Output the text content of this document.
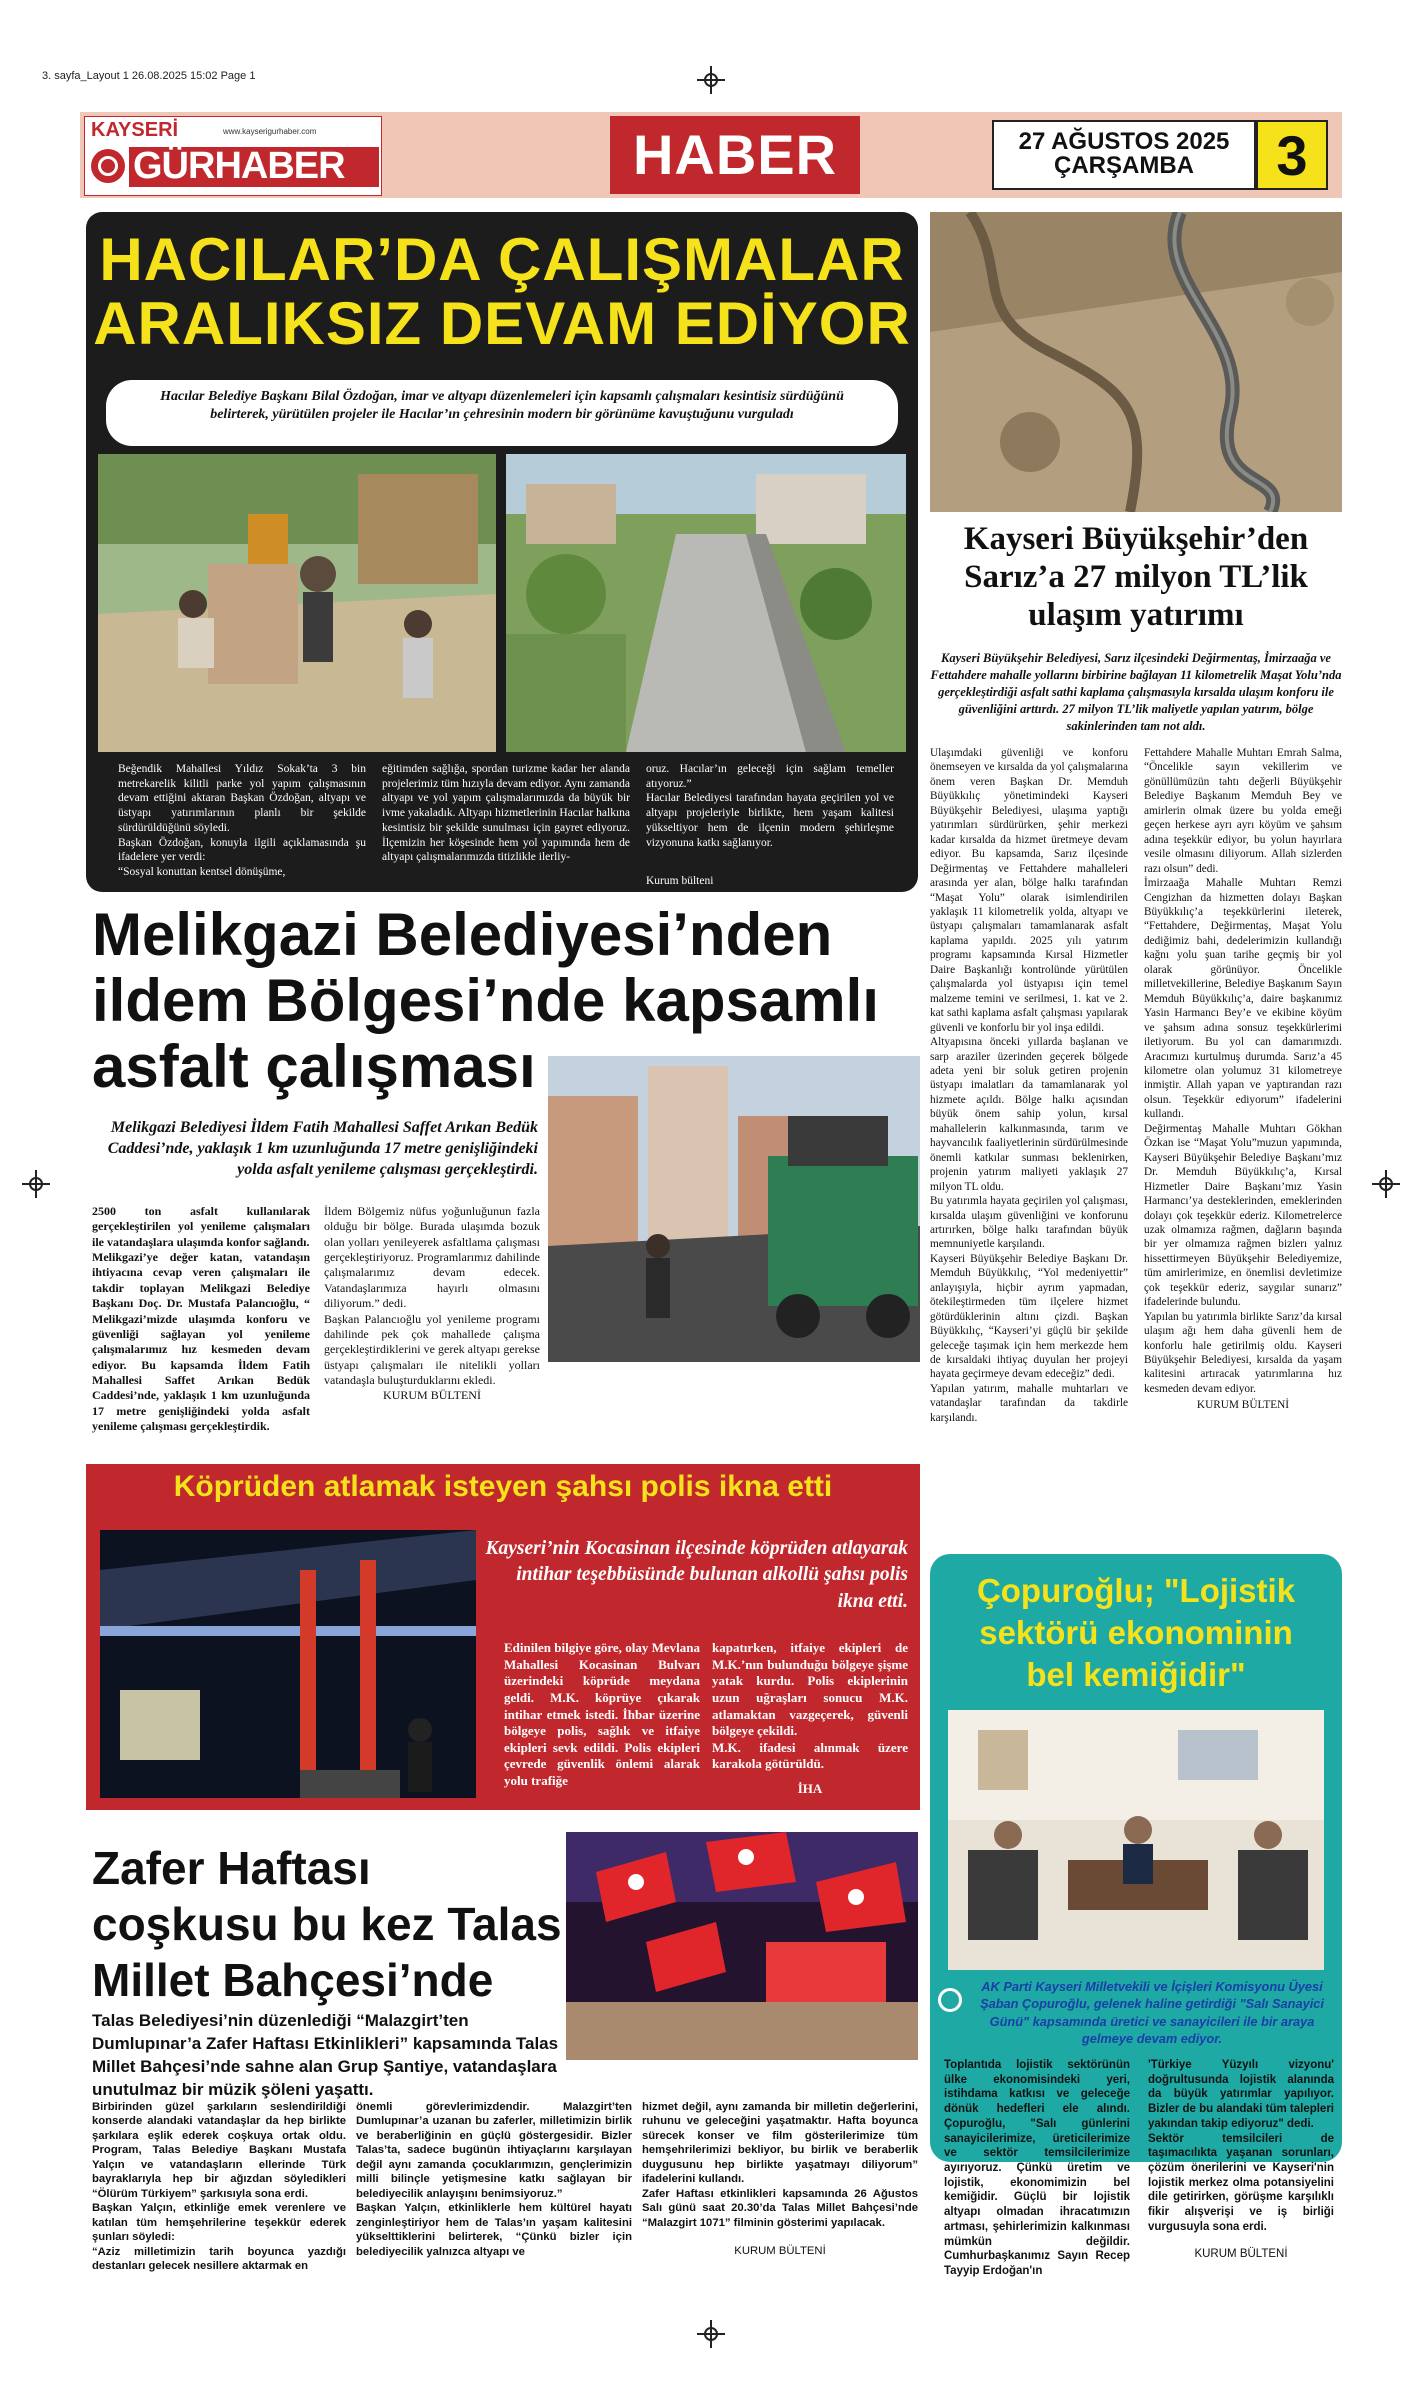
3. sayfa_Layout 1 26.08.2025 15:02 Page 1
KAYSERİ	www.kayserigurhaber.com
GÜRHABER	HABER	27 AĞUSTOS 2025
ÇARŞAMBA	3
HACILAR’DA ÇALIŞMALAR
ARALIKSIZ DEVAM EDİYOR
Hacılar Belediye Başkanı Bilal Özdoğan, imar ve altyapı düzenlemeleri için kapsamlı çalışmaları kesintisiz sürdüğünü belirterek, yürütülen projeler ile Hacılar’ın çehresinin modern bir görünüme kavuştuğunu vurguladı
Beğendik Mahallesi Yıldız Sokak’ta 3 bin metrekarelik kilitli parke yol yapım çalışmasının devam ettiğini aktaran Başkan Özdoğan, altyapı ve üstyapı yatırımlarının planlı bir şekilde sürdürüldüğünü söyledi.
Başkan Özdoğan, konuyla ilgili açıklamasında şu ifadelere yer verdi:
“Sosyal konuttan kentsel dönüşüme,
eğitimden sağlığa, spordan turizme kadar her alanda projelerimiz tüm hızıyla devam ediyor. Aynı zamanda altyapı ve yol yapım çalışmalarımızda da büyük bir ivme yakaladık. Altyapı hizmetlerinin Hacılar halkına kesintisiz bir şekilde sunulması için gayret ediyoruz. İlçemizin her köşesinde hem yol yapımında hem de altyapı çalışmalarımızda titizlikle ilerliy-
oruz. Hacılar’ın geleceği için sağlam temeller atıyoruz.”
Hacılar Belediyesi tarafından hayata geçirilen yol ve altyapı projeleriyle birlikte, hem yaşam kalitesi yükseltiyor hem de ilçenin modern şehirleşme vizyonuna katkı sağlanıyor.
Kurum bülteni
Kayseri Büyükşehir’den
Sarız’a 27 milyon TL’lik
ulaşım yatırımı
Kayseri Büyükşehir Belediyesi, Sarız ilçesindeki Değirmentaş, İmirzaağa ve Fettahdere mahalle yollarını birbirine bağlayan 11 kilometrelik Maşat Yolu’nda gerçekleştirdiği asfalt sathi kaplama çalışmasıyla kırsalda ulaşım konforu ile güvenliğini arttırdı. 27 milyon TL’lik maliyetle yapılan yatırım, bölge sakinlerinden tam not aldı.
Ulaşımdaki güvenliği ve konforu önemseyen ve kırsalda da yol çalışmalarına önem veren Başkan Dr. Memduh Büyükkılıç yönetimindeki Kayseri Büyükşehir Belediyesi, ulaşıma yaptığı yatırımları sürdürürken, şehir merkezi kadar kırsalda da hizmet üretmeye devam ediyor. Bu kapsamda, Sarız ilçesinde Değirmentaş ve Fettahdere mahalleleri arasında yer alan, bölge halkı tarafından “Maşat Yolu” olarak isimlendirilen yaklaşık 11 kilometrelik yolda, altyapı ve üstyapı çalışmaları tamamlanarak asfalt kaplama yapıldı. 2025 yılı yatırım programı kapsamında Kırsal Hizmetler Daire Başkanlığı kontrolünde yürütülen çalışmalarda yol üstyapısı için temel malzeme temini ve serilmesi, 1. kat ve 2. kat sathi kaplama asfalt çalışması yapılarak güvenli ve konforlu bir yol inşa edildi.
Altyapısına önceki yıllarda başlanan ve sarp araziler üzerinden geçerek bölgede adeta yeni bir soluk getiren projenin üstyapı imalatları da tamamlanarak yol hizmete açıldı. Bölge halkı açısından büyük önem sahip yolun, kırsal mahallelerin kalkınmasında, tarım ve hayvancılık faaliyetlerinin sürdürülmesinde önemli katkılar sunması beklenirken, projenin yatırım maliyeti yaklaşık 27 milyon TL oldu.
Bu yatırımla hayata geçirilen yol çalışması, kırsalda ulaşım güvenliğini ve konforunu artırırken, bölge halkı tarafından büyük memnuniyetle karşılandı.
Kayseri Büyükşehir Belediye Başkanı Dr. Memduh Büyükkılıç, “Yol medeniyettir” anlayışıyla, hiçbir ayrım yapmadan, ötekileştirmeden tüm ilçelere hizmet götürdüklerinin altını çizdi. Başkan Büyükkılıç, “Kayseri’yi güçlü bir şekilde geleceğe taşımak için hem merkezde hem de kırsaldaki ihtiyaç duyulan her projeyi hayata geçirmeye devam edeceğiz” dedi.
Yapılan yatırım, mahalle muhtarları ve vatandaşlar tarafından da takdirle karşılandı.
Fettahdere Mahalle Muhtarı Emrah Salma, “Öncelikle sayın vekillerim ve gönüllümüzün tahtı değerli Büyükşehir Belediye Başkanım Memduh Bey ve amirlerin olmak üzere bu yolda emeği geçen herkese ayrı ayrı köyüm ve şahsım adına teşekkür ediyor, bu yolun hayırlara vesile olmasını diliyorum. Allah sizlerden razı olsun” dedi.
İmirzaağa Mahalle Muhtarı Remzi Cengizhan da hizmetten dolayı Başkan Büyükkılıç’a teşekkürlerini ileterek, “Fettahdere, Değirmentaş, Maşat Yolu dediğimiz bahi, dedelerimizin kullandığı kağnı yolu şuan tarihe geçmiş bir yol olarak görünüyor. Öncelikle milletvekillerine, Belediye Başkanım Sayın Memduh Büyükkılıç’a, daire başkanımız Yasin Harmancı Bey’e ve ekibine köyüm ve şahsım adına sonsuz teşekkürlerimi iletiyorum. Bu yol can damarımızdı. Aracımızı kurtulmuş durumda. Sarız’a 45 kilometre olan yolumuz 31 kilometreye inmiştir. Allah yapan ve yaptırandan razı olsun. Teşekkür ediyorum” ifadelerini kullandı.
Değirmentaş Mahalle Muhtarı Gökhan Özkan ise “Maşat Yolu”muzun yapımında, Kayseri Büyükşehir Belediye Başkanı’mız Dr. Memduh Büyükkılıç’a, Kırsal Hizmetler Daire Başkanı’mız Yasin Harmancı’ya desteklerinden, emeklerinden dolayı çok teşekkür ederiz. Kilometrelerce uzak olmamıza rağmen, dağların başında bir yer olmamıza rağmen bizlerı yalnız hissettirmeyen Büyükşehir Belediyemize, tüm amirlerimize, en önemlisi devletimize çok teşekkür ederiz, saygılar sunarız” ifadelerinde bulundu.
Yapılan bu yatırımla birlikte Sarız’da kırsal ulaşım ağı hem daha güvenli hem de konforlu hale getirilmiş oldu. Kayseri Büyükşehir Belediyesi, kırsalda da yaşam kalitesini artıracak yatırımlarına hız kesmeden devam ediyor.
KURUM BÜLTENİ
Melikgazi Belediyesi’nden
ildem Bölgesi’nde kapsamlı
asfalt çalışması
Melikgazi Belediyesi İldem Fatih Mahallesi Saffet Arıkan Bedük Caddesi’nde, yaklaşık 1 km uzunluğunda 17 metre genişliğindeki yolda asfalt yenileme çalışması gerçekleştirdi.
2500 ton asfalt kullanılarak gerçekleştirilen yol yenileme çalışmaları ile vatandaşlara ulaşımda konfor sağlandı.
Melikgazi’ye değer katan, vatandaşın ihtiyacına cevap veren çalışmaları ile takdir toplayan Melikgazi Belediye Başkanı Doç. Dr. Mustafa Palancıoğlu, “ Melikgazi’mizde ulaşımda konforu ve güvenliği sağlayan yol yenileme çalışmalarımız hız kesmeden devam ediyor. Bu kapsamda İldem Fatih Mahallesi Saffet Arıkan Bedük Caddesi’nde, yaklaşık 1 km uzunluğunda 17 metre genişliğindeki yolda asfalt yenileme çalışması gerçekleştirdik.
İldem Bölgemiz nüfus yoğunluğunun fazla olduğu bir bölge. Burada ulaşımda bozuk olan yolları yenileyerek asfaltlama çalışması gerçekleştiriyoruz. Programlarımız dahilinde çalışmalarımız devam edecek. Vatandaşlarımıza hayırlı olmasını diliyorum.” dedi.
Başkan Palancıoğlu yol yenileme programı dahilinde pek çok mahallede çalışma gerçekleştirdiklerini ve gerek altyapı gerekse üstyapı çalışmaları ile nitelikli yolları vatandaşla buluşturduklarını ekledi.
KURUM BÜLTENİ
Köprüden atlamak isteyen şahsı polis ikna etti
Kayseri’nin Kocasinan ilçesinde köprüden atlayarak intihar teşebbüsünde bulunan alkollü şahsı polis ikna etti.
Edinilen bilgiye göre, olay Mevlana Mahallesi Kocasinan Bulvarı üzerindeki köprüde meydana geldi. M.K. köprüye çıkarak intihar etmek istedi. İhbar üzerine bölgeye polis, sağlık ve itfaiye ekipleri sevk edildi. Polis ekipleri çevrede güvenlik önlemi alarak yolu trafiğe
kapatırken, itfaiye ekipleri de M.K.’nın bulunduğu bölgeye şişme yatak kurdu. Polis ekiplerinin uzun uğraşları sonucu M.K. atlamaktan vazgeçerek, güvenli bölgeye çekildi.
M.K. ifadesi alınmak üzere karakola götürüldü.
İHA
Çopuroğlu; "Lojistik
sektörü ekonominin
bel kemiğidir"
AK Parti Kayseri Milletvekili ve İçişleri Komisyonu Üyesi Şaban Çopuroğlu, gelenek haline getirdiği "Salı Sanayici Günü" kapsamında üretici ve sanayicileri ile bir araya gelmeye devam ediyor.
Toplantıda lojistik sektörünün ülke ekonomisindeki yeri, istihdama katkısı ve geleceğe dönük hedefleri ele alındı. Çopuroğlu, "Salı günlerini sanayicilerimize, üreticilerimize ve sektör temsilcilerimize ayırıyoruz. Çünkü üretim ve lojistik, ekonomimizin bel kemiğidir. Güçlü bir lojistik altyapı olmadan ihracatımızın artması, şehirlerimizin kalkınması mümkün değildir. Cumhurbaşkanımız Sayın Recep Tayyip Erdoğan'ın
'Türkiye Yüzyılı vizyonu' doğrultusunda lojistik alanında da büyük yatırımlar yapılıyor. Bizler de bu alandaki tüm talepleri yakından takip ediyoruz" dedi.
Sektör temsilcileri de taşımacılıkta yaşanan sorunları, çözüm önerilerini ve Kayseri'nin lojistik merkez olma potansiyelini dile getirirken, görüşme karşılıklı fikir alışverişi ve iş birliği vurgusuyla sona erdi.
KURUM BÜLTENİ
Zafer Haftası
coşkusu bu kez Talas
Millet Bahçesi’nde
Talas Belediyesi’nin düzenlediği “Malazgirt’ten Dumlupınar’a Zafer Haftası Etkinlikleri” kapsamında Talas Millet Bahçesi’nde sahne alan Grup Şantiye, vatandaşlara unutulmaz bir müzik şöleni yaşattı.
Birbirinden güzel şarkıların seslendirildiği konserde alandaki vatandaşlar da hep birlikte şarkılara eşlik ederek coşkuya ortak oldu. Program, Talas Belediye Başkanı Mustafa Yalçın ve vatandaşların ellerinde Türk bayraklarıyla hep bir ağızdan söyledikleri “Ölürüm Türkiyem” şarkısıyla sona erdi.
Başkan Yalçın, etkinliğe emek verenlere ve katılan tüm hemşehrilerine teşekkür ederek şunları söyledi:
“Aziz milletimizin tarih boyunca yazdığı destanları gelecek nesillere aktarmak en
önemli görevlerimizdendir. Malazgirt’ten Dumlupınar’a uzanan bu zaferler, milletimizin birlik ve beraberliğinin en güçlü göstergesidir. Bizler Talas’ta, sadece bugünün ihtiyaçlarını karşılayan değil aynı zamanda çocuklarımızın, gençlerimizin milli bilinçle yetişmesine katkı sağlayan bir belediyecilik anlayışını benimsiyoruz.”
Başkan Yalçın, etkinliklerle hem kültürel hayatı zenginleştiriyor hem de Talas’ın yaşam kalitesini yükselttiklerini belirterek, “Çünkü bizler için belediyecilik yalnızca altyapı ve
hizmet değil, aynı zamanda bir milletin değerlerini, ruhunu ve geleceğini yaşatmaktır. Hafta boyunca sürecek konser ve film gösterilerimize tüm hemşehrilerimizi bekliyor, bu birlik ve beraberlik duygusunu hep birlikte yaşatmayı diliyorum” ifadelerini kullandı.
Zafer Haftası etkinlikleri kapsamında 26 Ağustos Salı günü saat 20.30’da Talas Millet Bahçesi’nde “Malazgirt 1071” filminin gösterimi yapılacak.
KURUM BÜLTENİ
